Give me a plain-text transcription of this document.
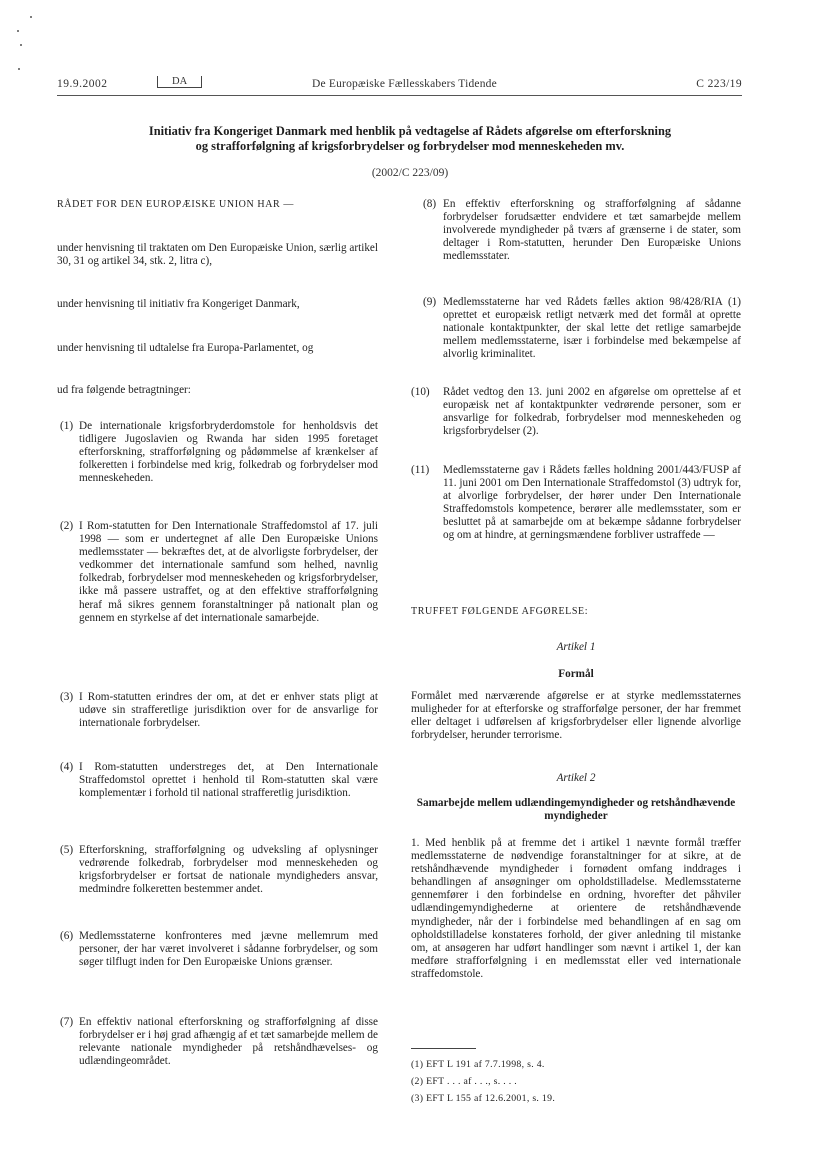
19.9.2002	DA	De Europæiske Fællesskabers Tidende	C 223/19
Initiativ fra Kongeriget Danmark med henblik på vedtagelse af Rådets afgørelse om efterforskning
og strafforfølgning af krigsforbrydelser og forbrydelser mod menneskeheden mv.
(2002/C 223/09)

RÅDET FOR DEN EUROPÆISKE UNION HAR —

under henvisning til traktaten om Den Europæiske Union, særlig artikel 30, 31 og artikel 34, stk. 2, litra c),

under henvisning til initiativ fra Kongeriget Danmark,

under henvisning til udtalelse fra Europa-Parlamentet, og

ud fra følgende betragtninger:

(1) De internationale krigsforbryderdomstole for henholdsvis det tidligere Jugoslavien og Rwanda har siden 1995 foretaget efterforskning, strafforfølgning og pådømmelse af krænkelser af folkeretten i forbindelse med krig, folkedrab og forbrydelser mod menneskeheden.

(2) I Rom-statutten for Den Internationale Straffedomstol af 17. juli 1998 — som er undertegnet af alle Den Europæiske Unions medlemsstater — bekræftes det, at de alvorligste forbrydelser, der vedkommer det internationale samfund som helhed, navnlig folkedrab, forbrydelser mod menneskeheden og krigsforbrydelser, ikke må passere ustraffet, og at den effektive strafforfølgning heraf må sikres gennem foranstaltninger på nationalt plan og gennem en styrkelse af det internationale samarbejde.

(3) I Rom-statutten erindres der om, at det er enhver stats pligt at udøve sin strafferetlige jurisdiktion over for de ansvarlige for internationale forbrydelser.

(4) I Rom-statutten understreges det, at Den Internationale Straffedomstol oprettet i henhold til Rom-statutten skal være komplementær i forhold til national strafferetlig jurisdiktion.

(5) Efterforskning, strafforfølgning og udveksling af oplysninger vedrørende folkedrab, forbrydelser mod menneskeheden og krigsforbrydelser er fortsat de nationale myndigheders ansvar, medmindre folkeretten bestemmer andet.

(6) Medlemsstaterne konfronteres med jævne mellemrum med personer, der har været involveret i sådanne forbrydelser, og som søger tilflugt inden for Den Europæiske Unions grænser.

(7) En effektiv national efterforskning og strafforfølgning af disse forbrydelser er i høj grad afhængig af et tæt samarbejde mellem de relevante nationale myndigheder på retshåndhævelses- og udlændingeområdet.

(8) En effektiv efterforskning og strafforfølgning af sådanne forbrydelser forudsætter endvidere et tæt samarbejde mellem involverede myndigheder på tværs af grænserne i de stater, som deltager i Rom-statutten, herunder Den Europæiske Unions medlemsstater.

(9) Medlemsstaterne har ved Rådets fælles aktion 98/428/RIA (1) oprettet et europæisk retligt netværk med det formål at oprette nationale kontaktpunkter, der skal lette det retlige samarbejde mellem medlemsstaterne, især i forbindelse med bekæmpelse af alvorlig kriminalitet.

(10) Rådet vedtog den 13. juni 2002 en afgørelse om oprettelse af et europæisk net af kontaktpunkter vedrørende personer, som er ansvarlige for folkedrab, forbrydelser mod menneskeheden og krigsforbrydelser (2).

(11) Medlemsstaterne gav i Rådets fælles holdning 2001/443/FUSP af 11. juni 2001 om Den Internationale Straffedomstol (3) udtryk for, at alvorlige forbrydelser, der hører under Den Internationale Straffedomstols kompetence, berører alle medlemsstater, som er besluttet på at samarbejde om at bekæmpe sådanne forbrydelser og om at hindre, at gerningsmændene forbliver ustraffede —

TRUFFET FØLGENDE AFGØRELSE:

Artikel 1

Formål

Formålet med nærværende afgørelse er at styrke medlemsstaternes muligheder for at efterforske og strafforfølge personer, der har fremmet eller deltaget i udførelsen af krigsforbrydelser eller lignende alvorlige forbrydelser, herunder terrorisme.

Artikel 2

Samarbejde mellem udlændingemyndigheder og retshåndhævende myndigheder

1. Med henblik på at fremme det i artikel 1 nævnte formål træffer medlemsstaterne de nødvendige foranstaltninger for at sikre, at de retshåndhævende myndigheder i fornødent omfang inddrages i behandlingen af ansøgninger om opholdstilladelse. Medlemsstaterne gennemfører i den forbindelse en ordning, hvorefter det påhviler udlændingemyndighederne at orientere de retshåndhævende myndigheder, når der i forbindelse med behandlingen af en sag om opholdstilladelse konstateres forhold, der giver anledning til mistanke om, at ansøgeren har udført handlinger som nævnt i artikel 1, der kan medføre strafforfølgning i en medlemsstat eller ved internationale straffedomstole.

(1) EFT L 191 af 7.7.1998, s. 4.

(2) EFT . . . af . . ., s. . . .

(3) EFT L 155 af 12.6.2001, s. 19.
